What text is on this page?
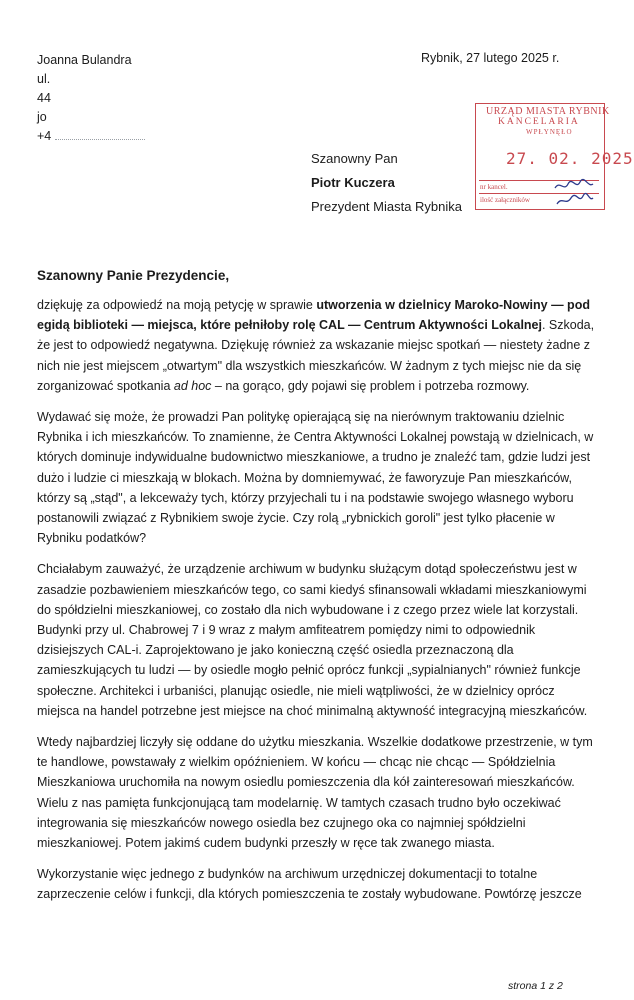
Joanna Bulandra
ul.
44
jo
+4
Rybnik, 27 lutego 2025 r.
URZĄD MIASTA RYBNIK
KANCELARIA
WPŁYNĘŁO
27. 02. 2025
nr kancel.
ilość załączników
Szanowny Pan
Piotr Kuczera
Prezydent Miasta Rybnika
Szanowny Panie Prezydencie,

dziękuję za odpowiedź na moją petycję w sprawie utworzenia w dzielnicy Maroko-Nowiny — pod egidą biblioteki — miejsca, które pełniłoby rolę CAL — Centrum Aktywności Lokalnej. Szkoda, że jest to odpowiedź negatywna. Dziękuję również za wskazanie miejsc spotkań — niestety żadne z nich nie jest miejscem „otwartym" dla wszystkich mieszkańców. W żadnym z tych miejsc nie da się zorganizować spotkania ad hoc – na gorąco, gdy pojawi się problem i potrzeba rozmowy.

Wydawać się może, że prowadzi Pan politykę opierającą się na nierównym traktowaniu dzielnic Rybnika i ich mieszkańców. To znamienne, że Centra Aktywności Lokalnej powstają w dzielnicach, w których dominuje indywidualne budownictwo mieszkaniowe, a trudno je znaleźć tam, gdzie ludzi jest dużo i ludzie ci mieszkają w blokach. Można by domniemywać, że faworyzuje Pan mieszkańców, którzy są „stąd", a lekceważy tych, którzy przyjechali tu i na podstawie swojego własnego wyboru postanowili związać z Rybnikiem swoje życie. Czy rolą „rybnickich goroli" jest tylko płacenie w Rybniku podatków?

Chciałabym zauważyć, że urządzenie archiwum w budynku służącym dotąd społeczeństwu jest w zasadzie pozbawieniem mieszkańców tego, co sami kiedyś sfinansowali wkładami mieszkaniowymi do spółdzielni mieszkaniowej, co zostało dla nich wybudowane i z czego przez wiele lat korzystali. Budynki przy ul. Chabrowej 7 i 9 wraz z małym amfiteatrem pomiędzy nimi to odpowiednik dzisiejszych CAL-i. Zaprojektowano je jako konieczną część osiedla przeznaczoną dla zamieszkujących tu ludzi — by osiedle mogło pełnić oprócz funkcji „sypialnianych" również funkcje społeczne. Architekci i urbaniści, planując osiedle, nie mieli wątpliwości, że w dzielnicy oprócz miejsca na handel potrzebne jest miejsce na choć minimalną aktywność integracyjną mieszkańców.

Wtedy najbardziej liczyły się oddane do użytku mieszkania. Wszelkie dodatkowe przestrzenie, w tym te handlowe, powstawały z wielkim opóźnieniem. W końcu — chcąc nie chcąc — Spółdzielnia Mieszkaniowa uruchomiła na nowym osiedlu pomieszczenia dla kół zainteresowań mieszkańców. Wielu z nas pamięta funkcjonującą tam modelarnię. W tamtych czasach trudno było oczekiwać integrowania się mieszkańców nowego osiedla bez czujnego oka co najmniej spółdzielni mieszkaniowej. Potem jakimś cudem budynki przeszły w ręce tak zwanego miasta.

Wykorzystanie więc jednego z budynków na archiwum urzędniczej dokumentacji to totalne zaprzeczenie celów i funkcji, dla których pomieszczenia te zostały wybudowane. Powtórzę jeszcze

strona 1 z 2
